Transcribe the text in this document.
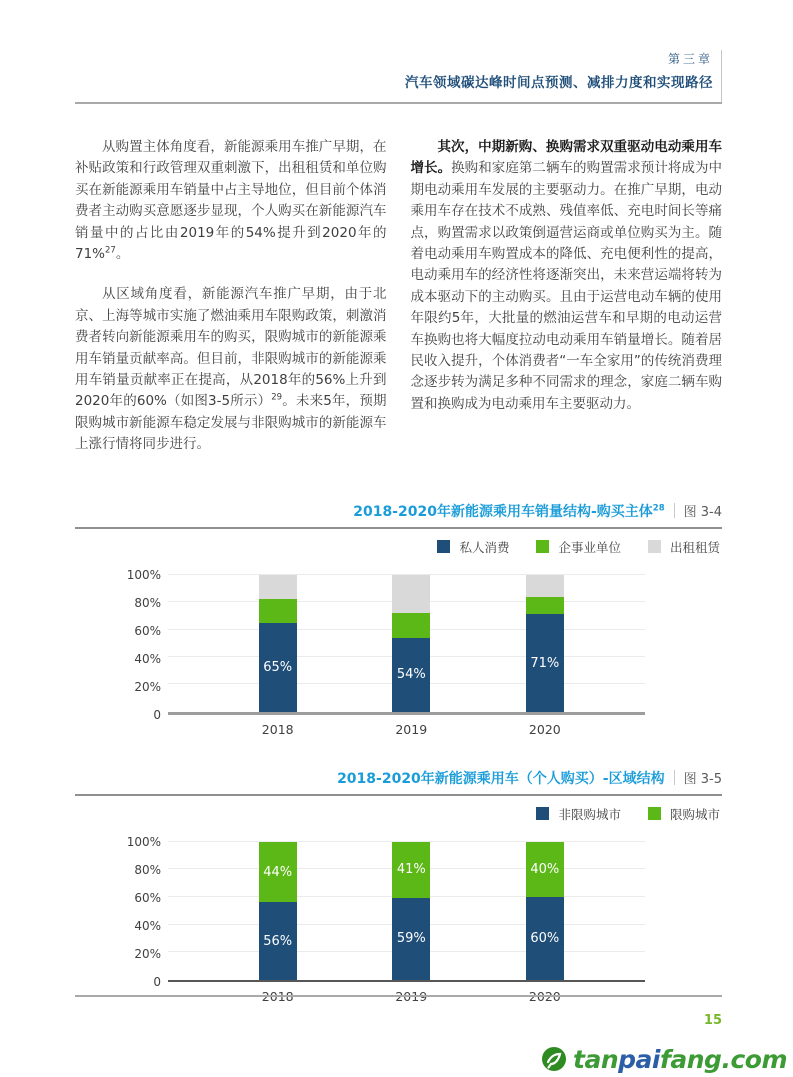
第三章
汽车领域碳达峰时间点预测、减排力度和实现路径

从购置主体角度看，新能源乘用车推广早期，在补贴政策和行政管理双重刺激下，出租租赁和单位购买在新能源乘用车销量中占主导地位，但目前个体消费者主动购买意愿逐步显现，个人购买在新能源汽车销量中的占比由2019年的54%提升到2020年的71%$^{27}$。

从区域角度看，新能源汽车推广早期，由于北京、上海等城市实施了燃油乘用车限购政策，刺激消费者转向新能源乘用车的购买，限购城市的新能源乘用车销量贡献率高。但目前，非限购城市的新能源乘用车销量贡献率正在提高，从2018年的56%上升到2020年的60%（如图3-5所示）$^{29}$。未来5年，预期限购城市新能源车稳定发展与非限购城市的新能源车上涨行情将同步进行。

其次，中期新购、换购需求双重驱动电动乘用车增长。换购和家庭第二辆车的购置需求预计将成为中期电动乘用车发展的主要驱动力。在推广早期，电动乘用车存在技术不成熟、残值率低、充电时间长等痛点，购置需求以政策倒逼营运商或单位购买为主。随着电动乘用车购置成本的降低、充电便利性的提高，电动乘用车的经济性将逐渐突出，未来营运端将转为成本驱动下的主动购买。且由于运营电动车辆的使用年限约5年，大批量的燃油运营车和早期的电动运营车换购也将大幅度拉动电动乘用车销量增长。随着居民收入提升，个体消费者“一车全家用”的传统消费理念逐步转为满足多种不同需求的理念，家庭二辆车购置和换购成为电动乘用车主要驱动力。

2018-2020年新能源乘用车销量结构-购买主体$^{28}$ 图 3-4
私人消费	企事业单位	出租租赁
100%
80%
60%
40%
20%
0
65%
54%
71%
2018	2019	2020
2018-2020年新能源乘用车（个人购买）-区域结构 图 3-5
非限购城市	限购城市
100%
80%
60%
40%
20%
0
56%
44%
59%
41%
60%
40%
15
tanpaifang.com
